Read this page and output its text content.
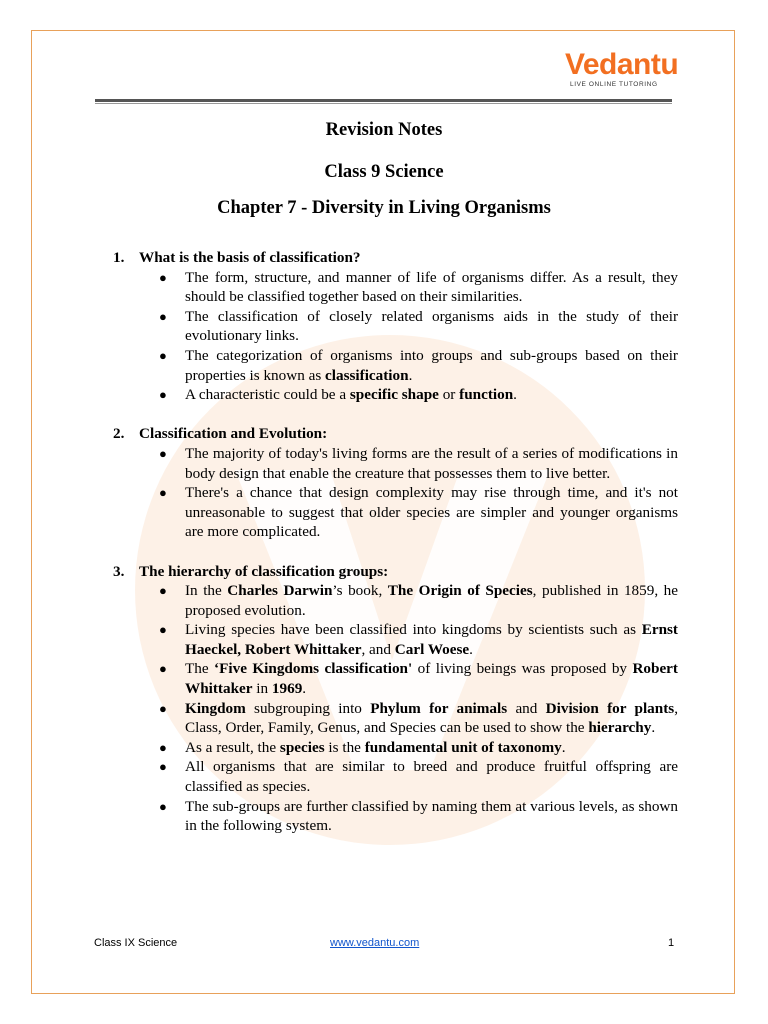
Vedantu
LIVE ONLINE TUTORING
Revision Notes
Class 9 Science
Chapter 7 - Diversity in Living Organisms
1. What is the basis of classification?
● The form, structure, and manner of life of organisms differ. As a result, they should be classified together based on their similarities.
● The classification of closely related organisms aids in the study of their evolutionary links.
● The categorization of organisms into groups and sub-groups based on their properties is known as classification.
● A characteristic could be a specific shape or function.
2. Classification and Evolution:
● The majority of today's living forms are the result of a series of modifications in body design that enable the creature that possesses them to live better.
● There's a chance that design complexity may rise through time, and it's not unreasonable to suggest that older species are simpler and younger organisms are more complicated.
3. The hierarchy of classification groups:
● In the Charles Darwin’s book, The Origin of Species, published in 1859, he proposed evolution.
● Living species have been classified into kingdoms by scientists such as Ernst Haeckel, Robert Whittaker, and Carl Woese.
● The ‘Five Kingdoms classification' of living beings was proposed by Robert Whittaker in 1969.
● Kingdom subgrouping into Phylum for animals and Division for plants, Class, Order, Family, Genus, and Species can be used to show the hierarchy.
● As a result, the species is the fundamental unit of taxonomy.
● All organisms that are similar to breed and produce fruitful offspring are classified as species.
● The sub-groups are further classified by naming them at various levels, as shown in the following system.
Class IX Science	www.vedantu.com	1
